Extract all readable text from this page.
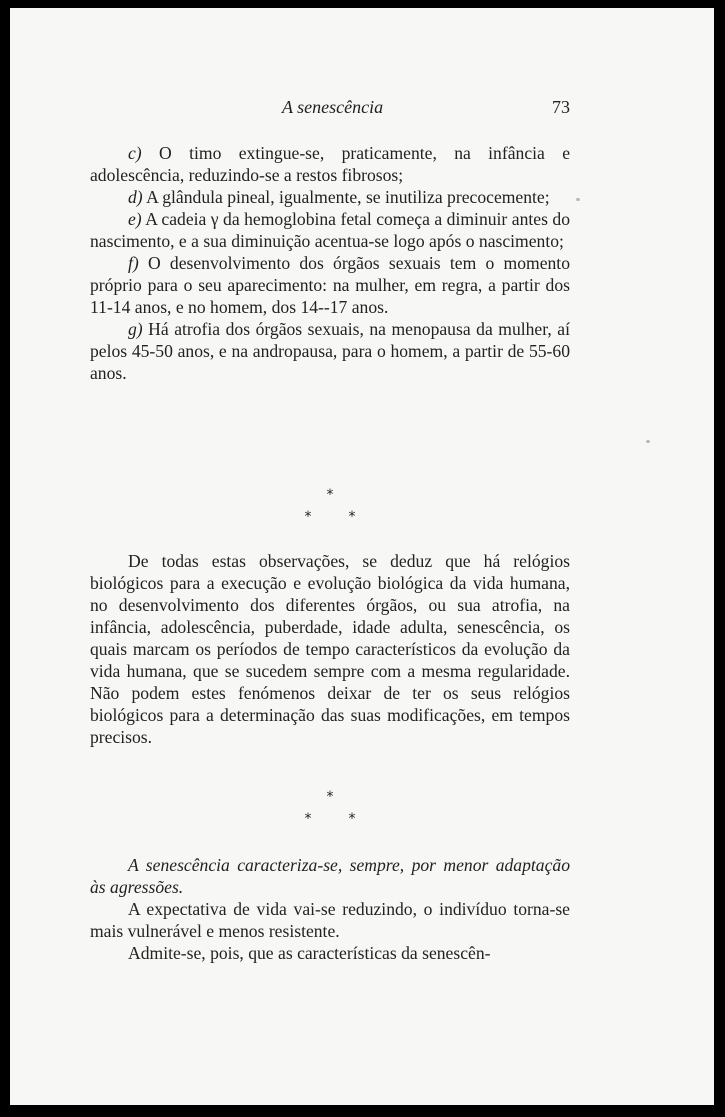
A senescência	73

c) O timo extingue-se, praticamente, na infância e adolescência, reduzindo-se a restos fibrosos;

d) A glândula pineal, igualmente, se inutiliza precocemente;

e) A cadeia γ da hemoglobina fetal começa a diminuir antes do nascimento, e a sua diminuição acentua-se logo após o nascimento;

f) O desenvolvimento dos órgãos sexuais tem o momento próprio para o seu aparecimento: na mulher, em regra, a partir dos 11-14 anos, e no homem, dos 14--17 anos.

g) Há atrofia dos órgãos sexuais, na menopausa da mulher, aí pelos 45-50 anos, e na andropausa, para o homem, a partir de 55-60 anos.

*
*	*

De todas estas observações, se deduz que há relógios biológicos para a execução e evolução biológica da vida humana, no desenvolvimento dos diferentes órgãos, ou sua atrofia, na infância, adolescência, puberdade, idade adulta, senescência, os quais marcam os períodos de tempo característicos da evolução da vida humana, que se sucedem sempre com a mesma regularidade. Não podem estes fenómenos deixar de ter os seus relógios biológicos para a determinação das suas modificações, em tempos precisos.

*
*	*

A senescência caracteriza-se, sempre, por menor adaptação às agressões.

A expectativa de vida vai-se reduzindo, o indivíduo torna-se mais vulnerável e menos resistente.

Admite-se, pois, que as características da senescên-
